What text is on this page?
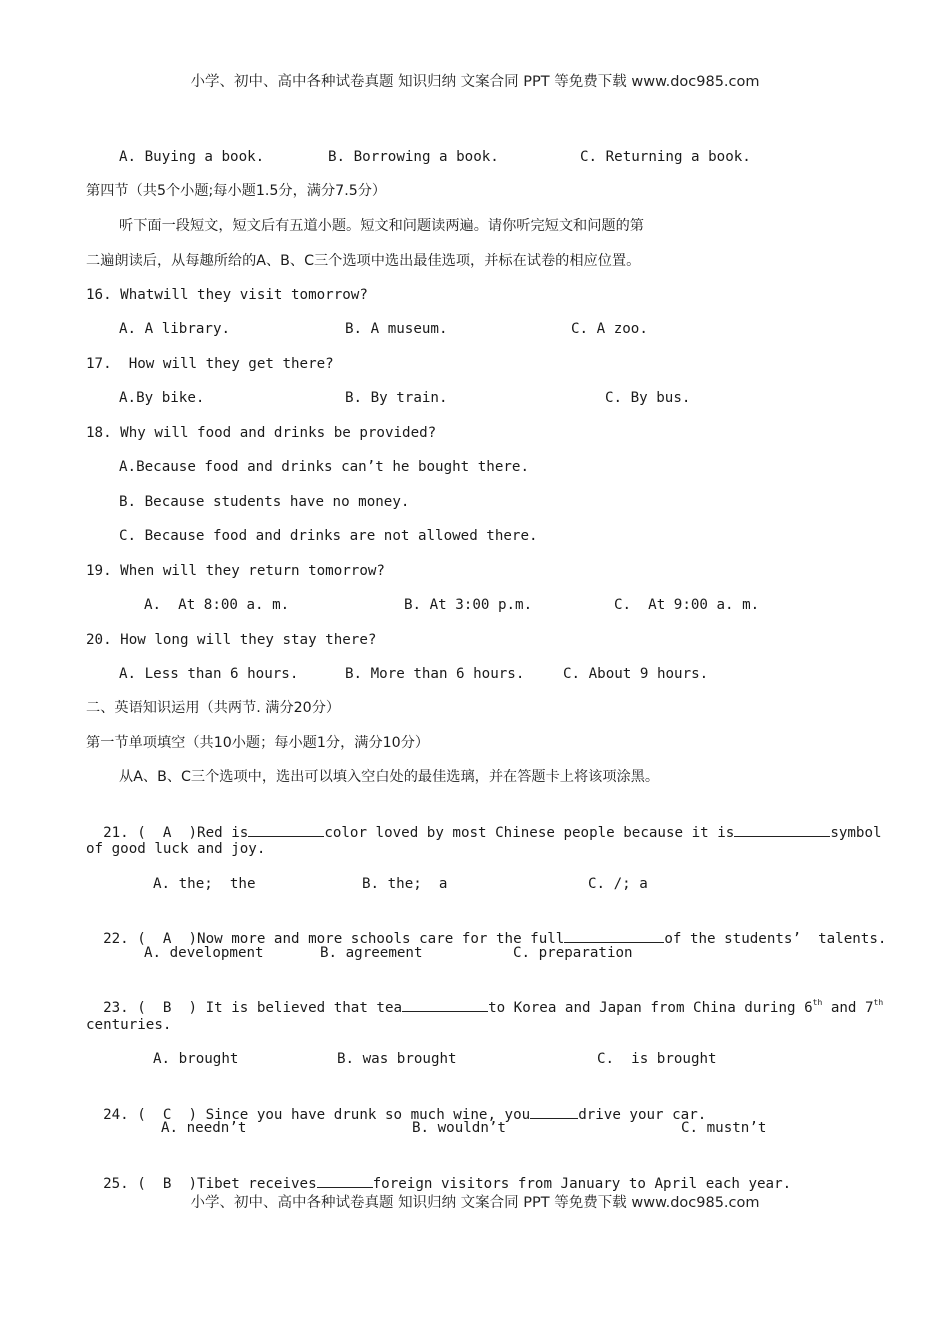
小学、初中、高中各种试卷真题 知识归纳 文案合同 PPT 等免费下载 www.doc985.com
A. Buying a book.	B. Borrowing a book.	C. Returning a book.
第四节（共5个小题;每小题1.5分，满分7.5分）
听下面一段短文，短文后有五道小题。短文和问题读两遍。请你听完短文和问题的第
二遍朗读后，从每趣所给的A、B、C三个选项中选出最佳选项，并标在试卷的相应位置。
16. Whatwill they visit tomorrow?
A. A library.	B. A museum.	C. A zoo.
17.  How will they get there?
A.By bike.	B. By train.	C. By bus.
18. Why will food and drinks be provided?
A.Because food and drinks can’t he bought there.
B. Because students have no money.
C. Because food and drinks are not allowed there.
19. When will they return tomorrow?
A.  At 8:00 a. m.	B. At 3:00 p.m.	C.  At 9:00 a. m.
20. How long will they stay there?
A. Less than 6 hours.	B. More than 6 hours.	C. About 9 hours.
二、英语知识运用（共两节. 满分20分）
第一节单项填空（共10小题；每小题1分，满分10分）
从A、B、C三个选项中，选出可以填入空白处的最佳选璃，并在答题卡上将该项涂黑。

21. (  A  )Red is	color loved by most Chinese people because it is	symbol

of good luck and joy.
A. the;  the	B. the;  a	C. /; a

22. (  A  )Now more and more schools care for the full	of the students’  talents.

A. development	B. agreement	C. preparation

23. (  B  ) It is believed that tea	to Korea and Japan from China during 6th and 7th

centuries.
A. brought	B. was brought	C.  is brought

24. (  C  ) Since you have drunk so much wine, you	drive your car.

A. needn’t	B. wouldn’t	C. mustn’t

25. (  B  )Tibet receives	foreign visitors from January to April each year.

小学、初中、高中各种试卷真题 知识归纳 文案合同 PPT 等免费下载 www.doc985.com
